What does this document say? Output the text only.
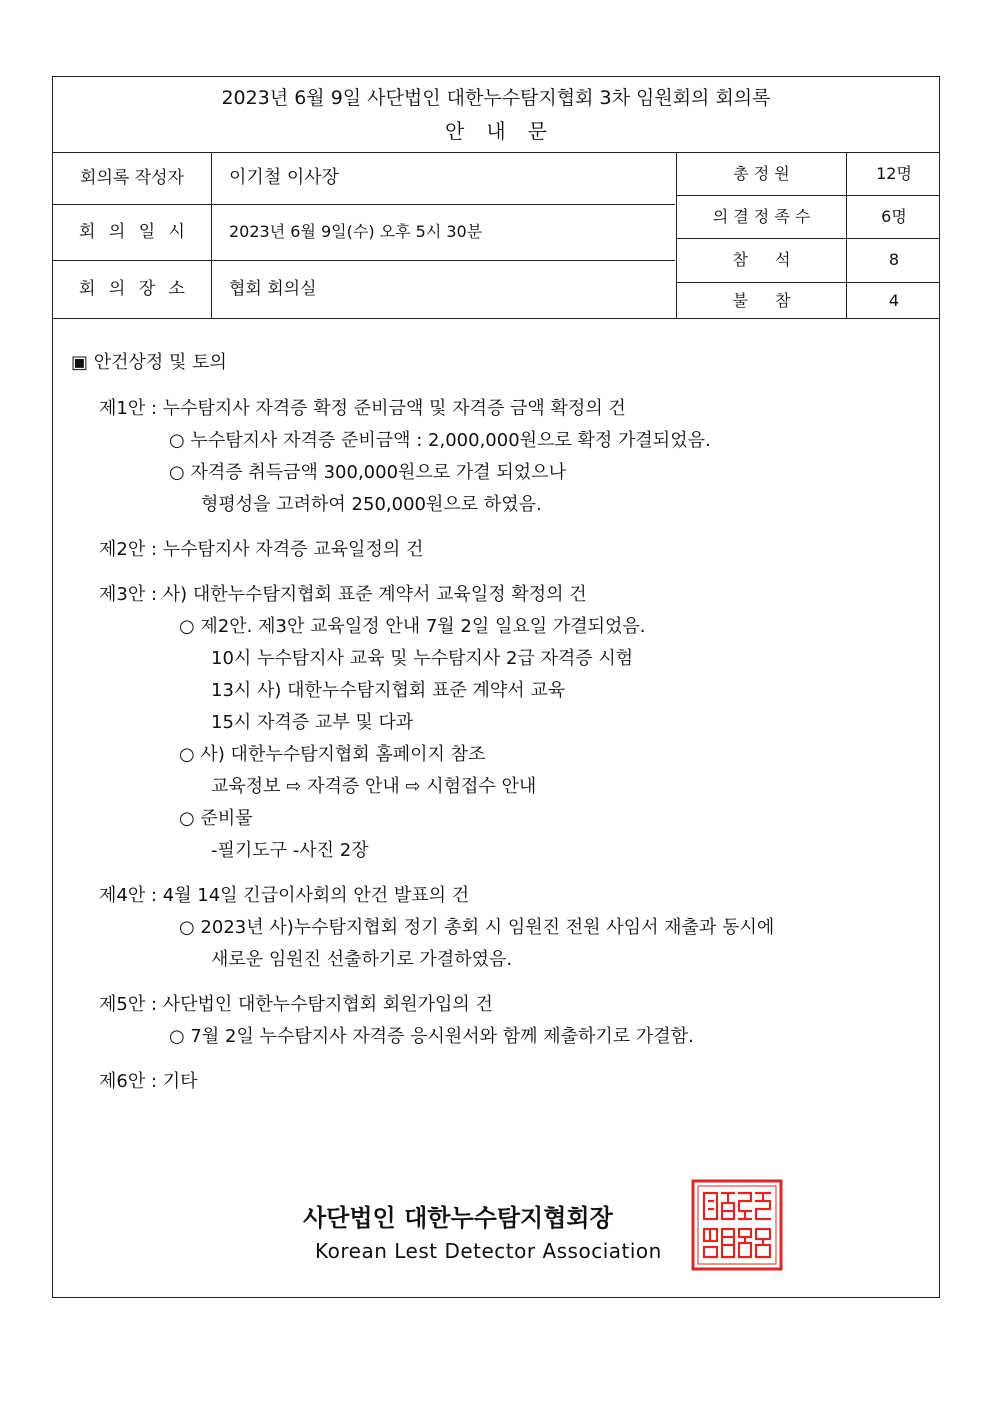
2023년 6월 9일 사단법인 대한누수탐지협회 3차 임원회의 회의록
안내문
회의록 작성자	이기철 이사장
회 의 일 시	2023년 6월 9일(수) 오후 5시 30분
회 의 장 소	협회 회의실
총 정 원	12명
의 결 정 족 수	6명
참 석	8
불 참	4
▣ 안건상정 및 토의
제1안 : 누수탐지사 자격증 확정 준비금액 및 자격증 금액 확정의 건
○ 누수탐지사 자격증 준비금액 : 2,000,000원으로 확정 가결되었음.
○ 자격증 취득금액 300,000원으로 가결 되었으나
형평성을 고려하여 250,000원으로 하였음.
제2안 : 누수탐지사 자격증 교육일정의 건
제3안 : 사) 대한누수탐지협회 표준 계약서 교육일정 확정의 건
○ 제2안. 제3안 교육일정 안내 7월 2일 일요일 가결되었음.
10시 누수탐지사 교육 및 누수탐지사 2급 자격증 시험
13시 사) 대한누수탐지협회 표준 계약서 교육
15시 자격증 교부 및 다과
○ 사) 대한누수탐지협회 홈페이지 참조
교육정보 ⇨ 자격증 안내 ⇨ 시험접수 안내
○ 준비물
-필기도구 -사진 2장
제4안 : 4월 14일 긴급이사회의 안건 발표의 건
○ 2023년 사)누수탐지협회 정기 총회 시 임원진 전원 사임서 재출과 동시에
새로운 임원진 선출하기로 가결하였음.
제5안 : 사단법인 대한누수탐지협회 회원가입의 건
○ 7월 2일 누수탐지사 자격증 응시원서와 함께 제출하기로 가결함.
제6안 : 기타
사단법인 대한누수탐지협회장
Korean Lest Detector Association
